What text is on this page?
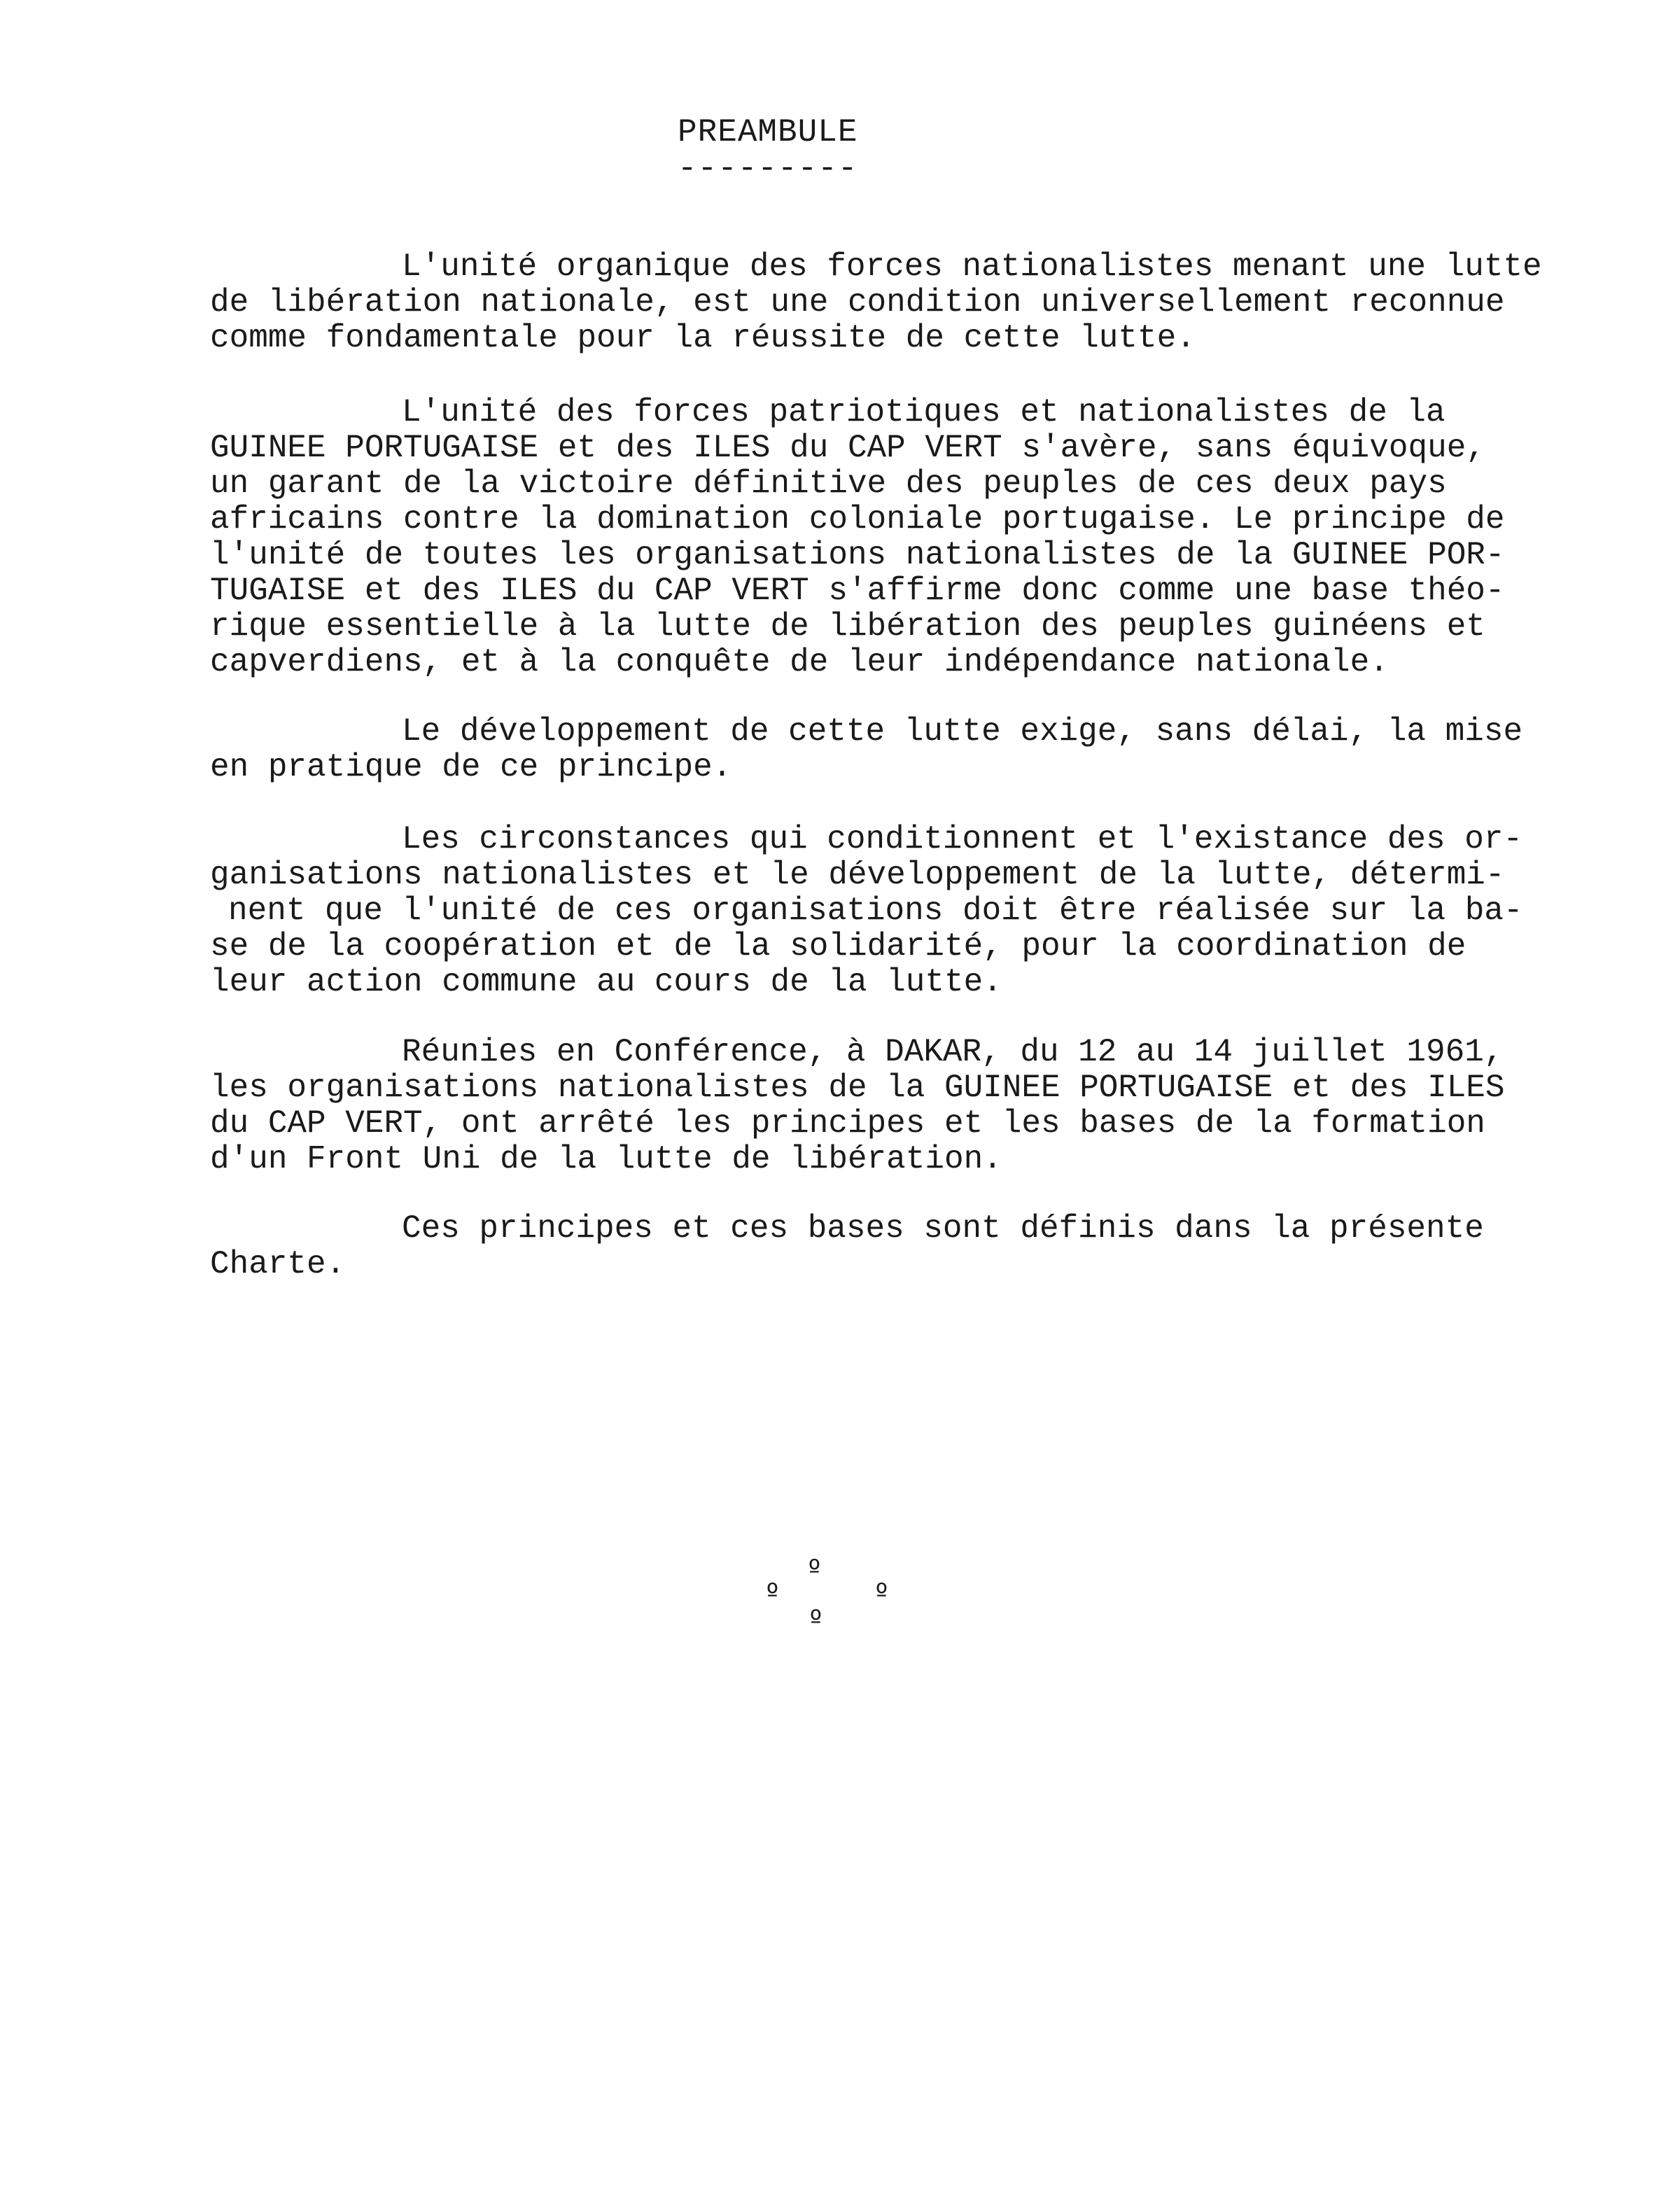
PREAMBULE
---------
L'unité organique des forces nationalistes menant une lutte
de libération nationale, est une condition universellement reconnue
comme fondamentale pour la réussite de cette lutte.
L'unité des forces patriotiques et nationalistes de la
GUINEE PORTUGAISE et des ILES du CAP VERT s'avère, sans équivoque,
un garant de la victoire définitive des peuples de ces deux pays
africains contre la domination coloniale portugaise. Le principe de
l'unité de toutes les organisations nationalistes de la GUINEE POR-
TUGAISE et des ILES du CAP VERT s'affirme donc comme une base théo-
rique essentielle à la lutte de libération des peuples guinéens et
capverdiens, et à la conquête de leur indépendance nationale.
Le développement de cette lutte exige, sans délai, la mise
en pratique de ce principe.
Les circonstances qui conditionnent et l'existance des or-
ganisations nationalistes et le développement de la lutte, détermi-
nent que l'unité de ces organisations doit être réalisée sur la ba-
se de la coopération et de la solidarité, pour la coordination de
leur action commune au cours de la lutte.
Réunies en Conférence, à DAKAR, du 12 au 14 juillet 1961,
les organisations nationalistes de la GUINEE PORTUGAISE et des ILES
du CAP VERT, ont arrêté les principes et les bases de la formation
d'un Front Uni de la lutte de libération.
Ces principes et ces bases sont définis dans la présente
Charte.
º
º	º
º
